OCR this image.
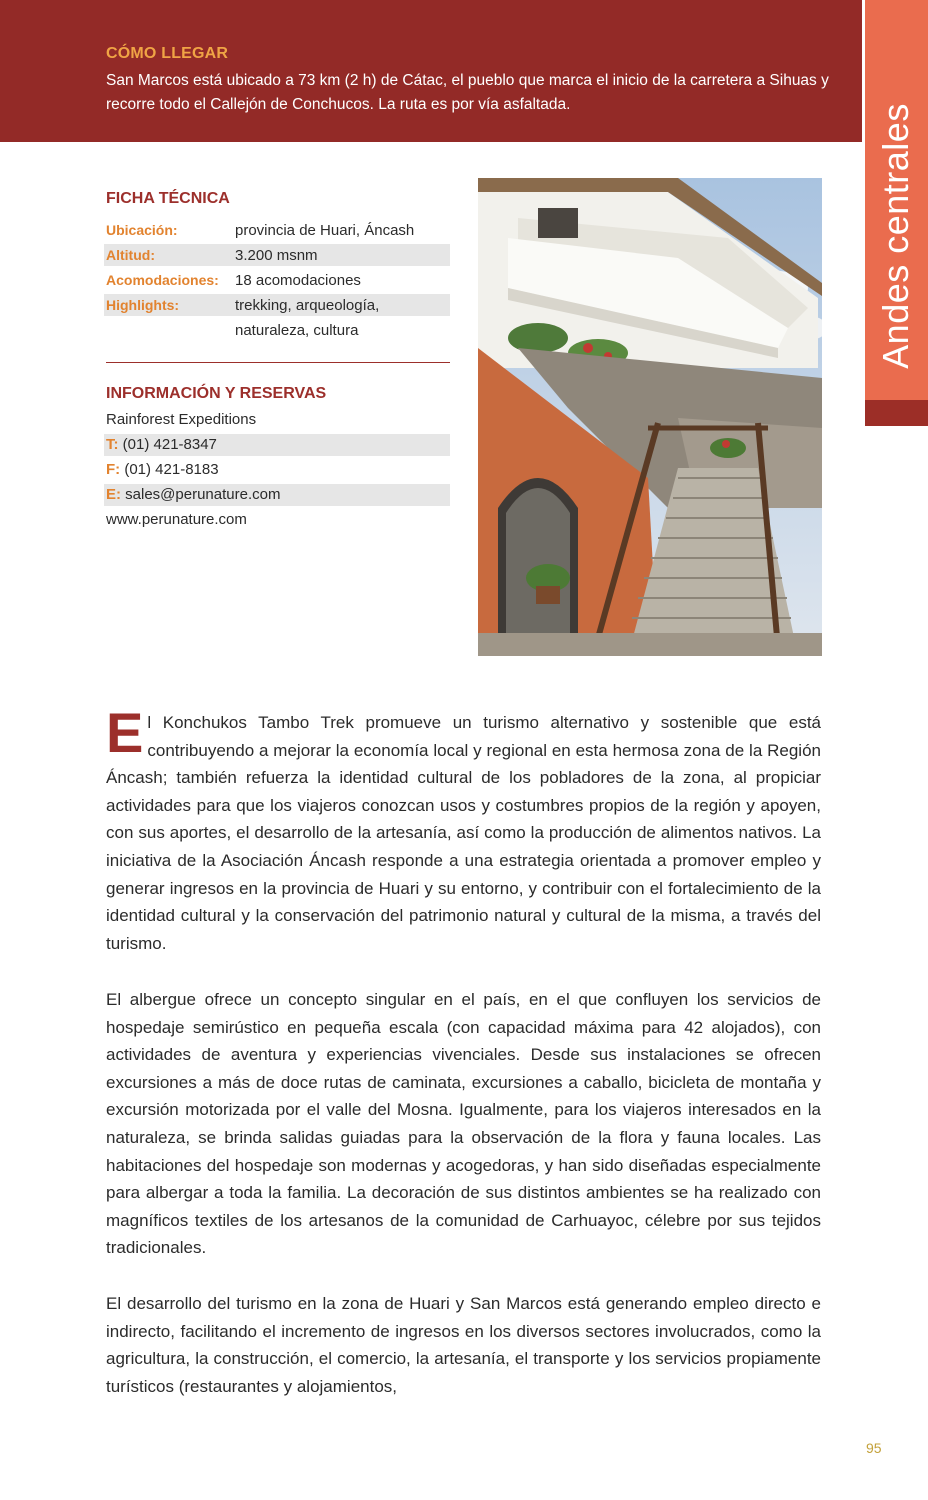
CÓMO LLEGAR
San Marcos está ubicado a 73 km (2 h) de Cátac, el pueblo que marca el inicio de la carretera a Sihuas y recorre todo el Callejón de Conchucos. La ruta es por vía asfaltada.	Andes centrales
FICHA TÉCNICA
Ubicación:	provincia de Huari, Áncash
Altitud:	3.200 msnm
Acomodaciones: 18 acomodaciones
Highlights:	trekking, arqueología,
naturaleza, cultura
INFORMACIÓN Y RESERVAS
Rainforest Expeditions
T: (01) 421-8347
F: (01) 421-8183
E: sales@perunature.com
www.perunature.com
El Konchukos Tambo Trek promueve un turismo alternativo y sostenible que está contribuyendo a mejorar la economía local y regional en esta hermosa zona de la Región Áncash; también refuerza la identidad cultural de los pobladores de la zona, al propiciar actividades para que los viajeros conozcan usos y costumbres propios de la región y apoyen, con sus aportes, el desarrollo de la artesanía, así como la producción de alimentos nativos. La iniciativa de la Asociación Áncash responde a una estrategia orientada a promover empleo y generar ingresos en la provincia de Huari y su entorno, y contribuir con el fortalecimiento de la identidad cultural y la conservación del patrimonio natural y cultural de la misma, a través del turismo.
El albergue ofrece un concepto singular en el país, en el que confluyen los servicios de hospedaje semirústico en pequeña escala (con capacidad máxima para 42 alojados), con actividades de aventura y experiencias vivenciales. Desde sus instalaciones se ofrecen excursiones a más de doce rutas de caminata, excursiones a caballo, bicicleta de montaña y excursión motorizada por el valle del Mosna. Igualmente, para los viajeros interesados en la naturaleza, se brinda salidas guiadas para la observación de la flora y fauna locales. Las habitaciones del hospedaje son modernas y acogedoras, y han sido diseñadas especialmente para albergar a toda la familia. La decoración de sus distintos ambientes se ha realizado con magníficos textiles de los artesanos de la comunidad de Carhuayoc, célebre por sus tejidos tradicionales.
El desarrollo del turismo en la zona de Huari y San Marcos está generando empleo directo e indirecto, facilitando el incremento de ingresos en los diversos sectores involucrados, como la agricultura, la construcción, el comercio, la artesanía, el transporte y los servicios propiamente turísticos (restaurantes y alojamientos,
95
